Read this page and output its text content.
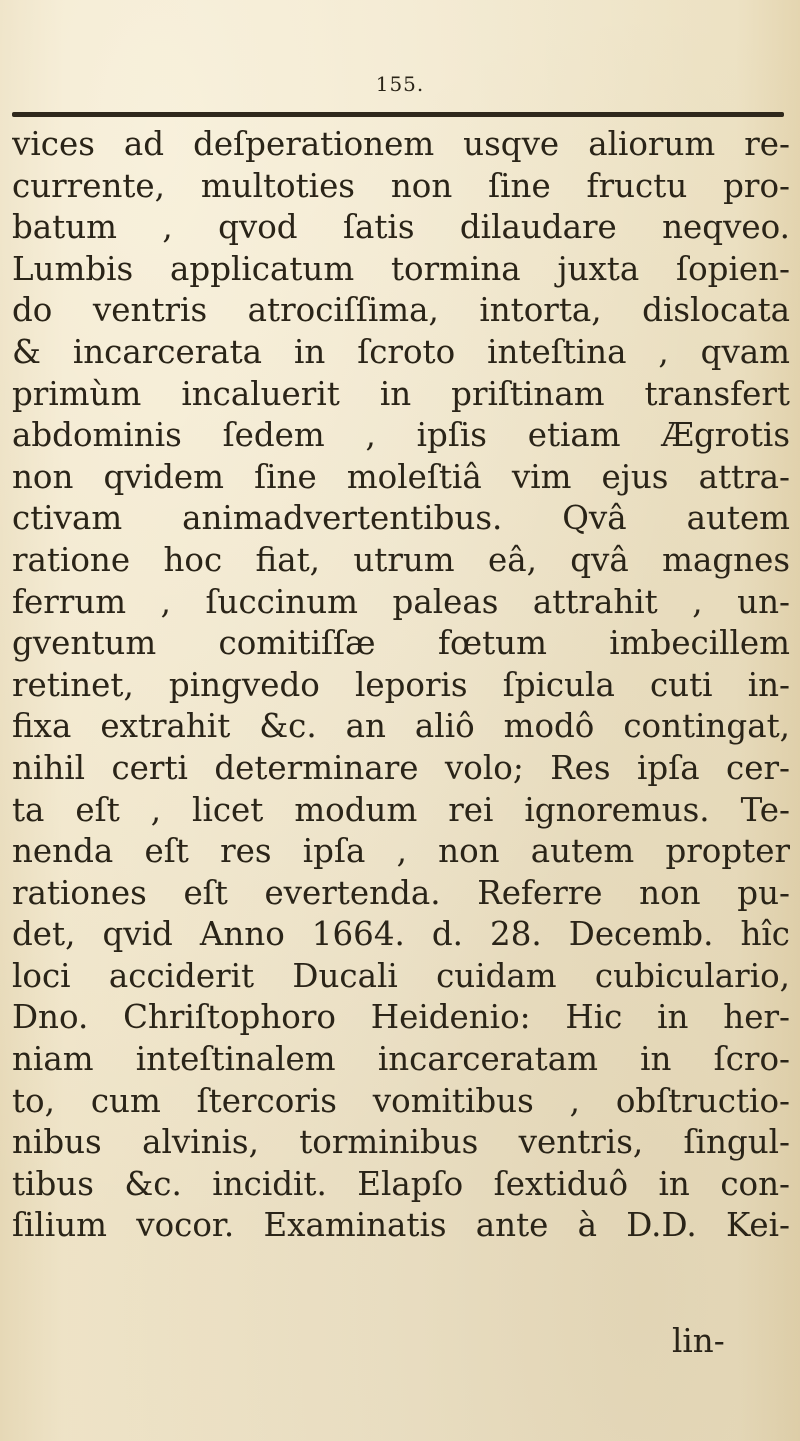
155.
vices ad deſperationem usqve aliorum re-
currente, multoties non ſine fructu pro-
batum , qvod ſatis dilaudare neqveo.
Lumbis applicatum tormina juxta ſopien-
do ventris atrociſſima, intorta, dislocata
& incarcerata in ſcroto inteſtina , qvam
primùm incaluerit in priſtinam transfert
abdominis ſedem , ipſis etiam Ægrotis
non qvidem ſine moleſtiâ vim ejus attra-
ctivam animadvertentibus. Qvâ autem
ratione hoc fiat, utrum eâ, qvâ magnes
ferrum , ſuccinum paleas attrahit , un-
gventum comitiſſæ fœtum imbecillem
retinet, pingvedo leporis ſpicula cuti in-
fixa extrahit &c. an aliô modô contingat,
nihil certi determinare volo; Res ipſa cer-
ta eſt , licet modum rei ignoremus. Te-
nenda eſt res ipſa , non autem propter
rationes eſt evertenda. Referre non pu-
det, qvid Anno 1664. d. 28. Decemb. hîc
loci acciderit Ducali cuidam cubiculario,
Dno. Chriſtophoro Heidenio: Hic in her-
niam inteſtinalem incarceratam in ſcro-
to, cum ſtercoris vomitibus , obſtructio-
nibus alvinis, torminibus ventris, ſingul-
tibus &c. incidit. Elapſo ſextiduô in con-
ſilium vocor. Examinatis ante à D.D. Kei-
lin-
